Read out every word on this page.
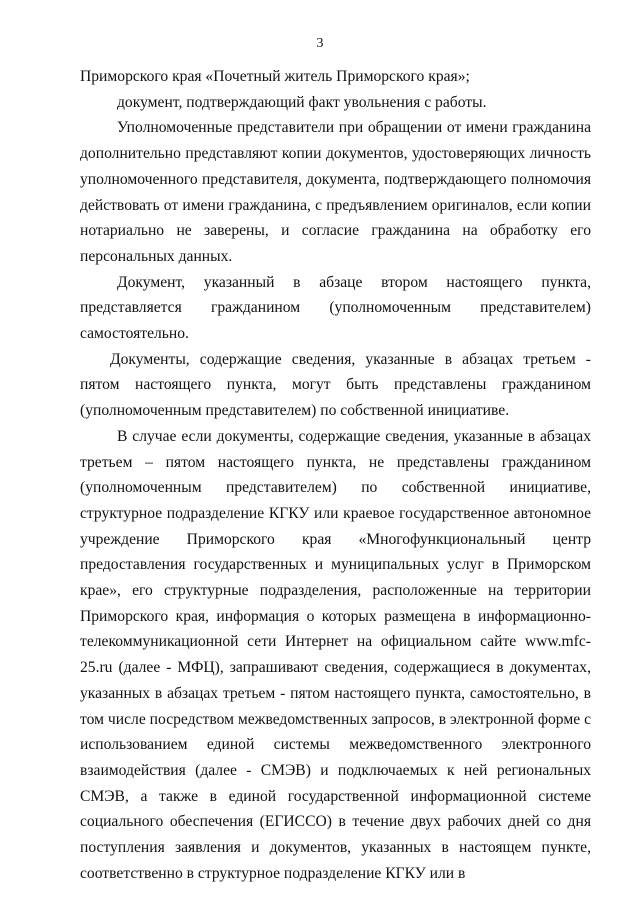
3

Приморского края «Почетный житель Приморского края»;

документ, подтверждающий факт увольнения с работы.

Уполномоченные представители при обращении от имени гражданина дополнительно представляют копии документов, удостоверяющих личность уполномоченного представителя, документа, подтверждающего полномочия действовать от имени гражданина, с предъявлением оригиналов, если копии нотариально не заверены, и согласие гражданина на обработку его персональных данных.

Документ, указанный в абзаце втором настоящего пункта, представляется гражданином (уполномоченным представителем) самостоятельно.

Документы, содержащие сведения, указанные в абзацах третьем - пятом настоящего пункта, могут быть представлены гражданином (уполномоченным представителем) по собственной инициативе.

В случае если документы, содержащие сведения, указанные в абзацах третьем – пятом настоящего пункта, не представлены гражданином (уполномоченным представителем) по собственной инициативе, структурное подразделение КГКУ или краевое государственное автономное учреждение Приморского края «Многофункциональный центр предоставления государственных и муниципальных услуг в Приморском крае», его структурные подразделения, расположенные на территории Приморского края, информация о которых размещена в информационно-телекоммуникационной сети Интернет на официальном сайте www.mfc-25.ru (далее - МФЦ), запрашивают сведения, содержащиеся в документах, указанных в абзацах третьем - пятом настоящего пункта, самостоятельно, в том числе посредством межведомственных запросов, в электронной форме с использованием единой системы межведомственного электронного взаимодействия (далее - СМЭВ) и подключаемых к ней региональных СМЭВ, а также в единой государственной информационной системе социального обеспечения (ЕГИССО) в течение двух рабочих дней со дня поступления заявления и документов, указанных в настоящем пункте, соответственно в структурное подразделение КГКУ или в
